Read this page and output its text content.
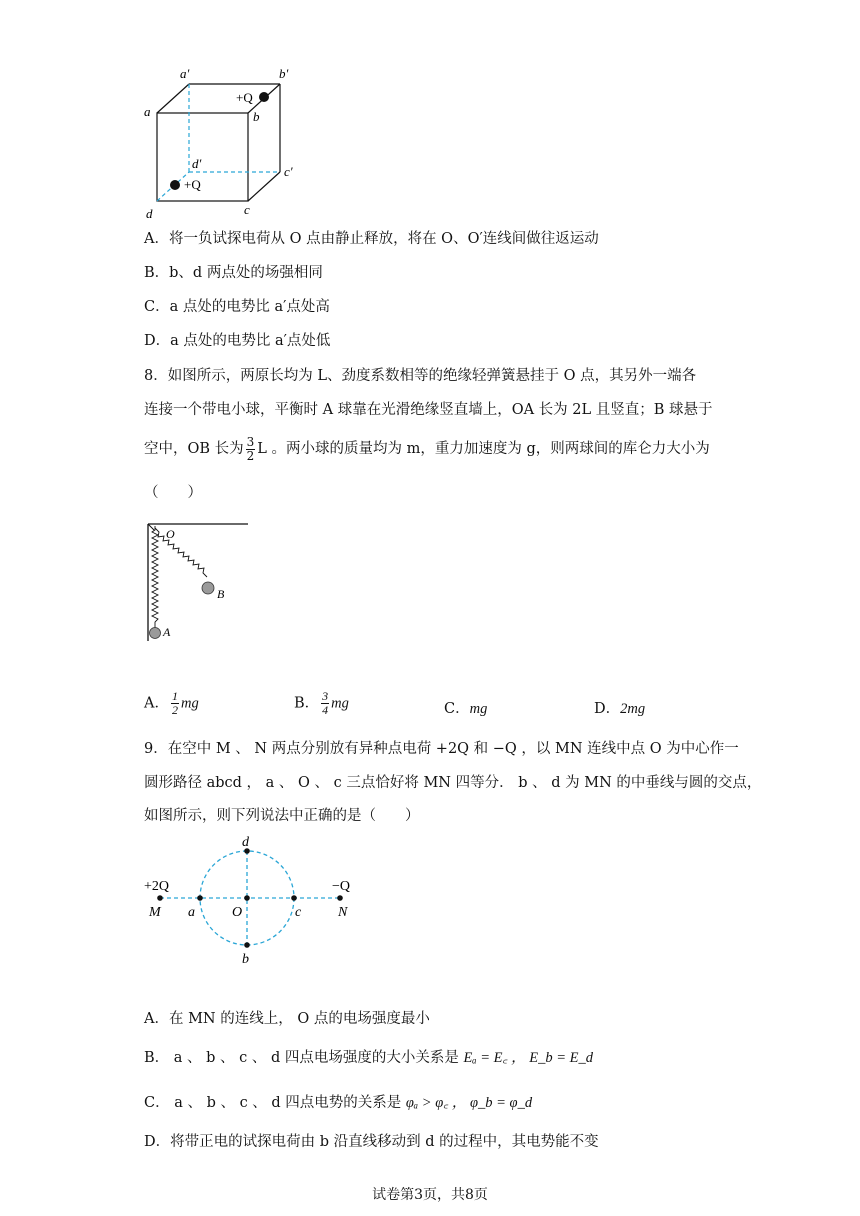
a′	b′
a	b
+Q
d′
c′
+Q
d	c
A．将一负试探电荷从 O 点由静止释放，将在 O、O′连线间做往返运动
B．b、d 两点处的场强相同
C．a 点处的电势比 a′点处高
D．a 点处的电势比 a′点处低
8．如图所示，两原长均为 L、劲度系数相等的绝缘轻弹簧悬挂于 O 点，其另外一端各
连接一个带电小球，平衡时 A 球靠在光滑绝缘竖直墙上，OA 长为 2L 且竖直；B 球悬于
空中，OB 长为 $\frac{3}{2}$ L 。两小球的质量均为 m，重力加速度为 g，则两球间的库仑力大小为
（　　）
O
A
B
A． $\frac{1}{2}$ mg	B． $\frac{3}{4}$ mg	C．mg	D．2mg
9．在空中 M 、 N 两点分别放有异种点电荷 +2Q 和 −Q ，以 MN 连线中点 O 为中心作一
圆形路径 abcd ， a 、 O 、 c 三点恰好将 MN 四等分． b 、 d 为 MN 的中垂线与圆的交点，
如图所示，则下列说法中正确的是（　　）
+2Q
M a	O	c
−Q
N
d
b
A．在 MN 的连线上， O 点的电场强度最小
B． a 、 b 、 c 、 d 四点电场强度的大小关系是 Eₐ = E꜀ ， E_b = E_d
C． a 、 b 、 c 、 d 四点电势的关系是 φₐ > φ꜀ ， φ_b = φ_d
D．将带正电的试探电荷由 b 沿直线移动到 d 的过程中，其电势能不变
试卷第3页，共8页
